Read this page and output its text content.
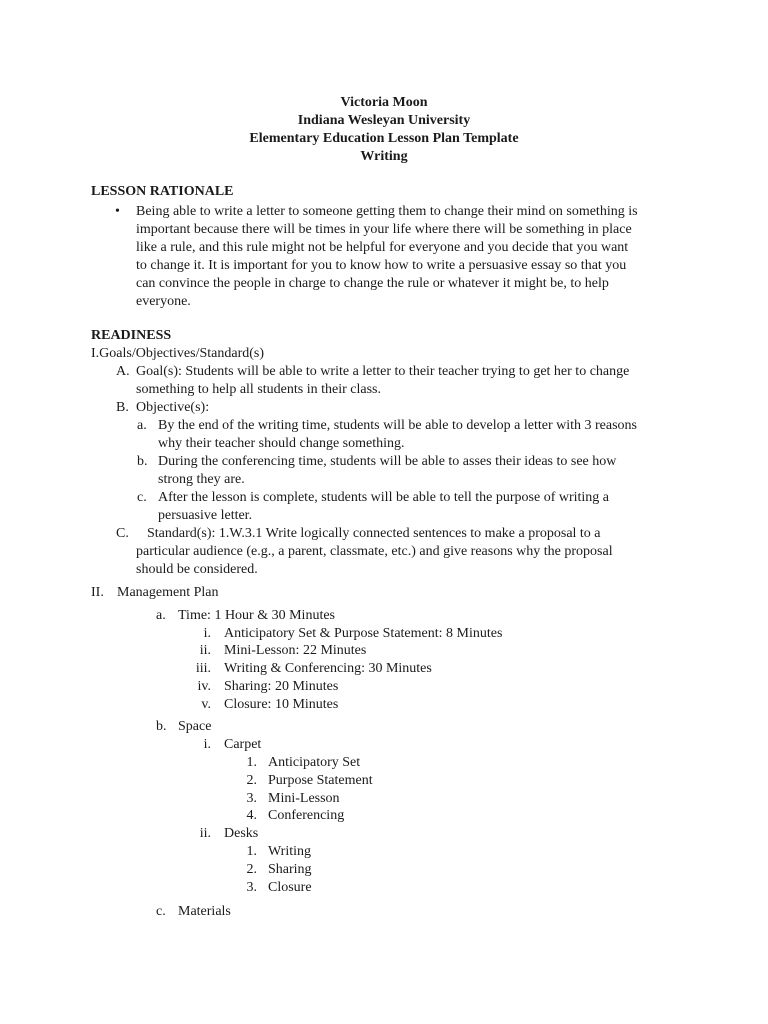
Victoria Moon
Indiana Wesleyan University
Elementary Education Lesson Plan Template
Writing
LESSON RATIONALE
• Being able to write a letter to someone getting them to change their mind on something is
important because there will be times in your life where there will be something in place
like a rule, and this rule might not be helpful for everyone and you decide that you want
to change it. It is important for you to know how to write a persuasive essay so that you
can convince the people in charge to change the rule or whatever it might be, to help
everyone.
READINESS
I.Goals/Objectives/Standard(s)
A. Goal(s): Students will be able to write a letter to their teacher trying to get her to change
something to help all students in their class.
B. Objective(s):
a. By the end of the writing time, students will be able to develop a letter with 3 reasons
why their teacher should change something.
b. During the conferencing time, students will be able to asses their ideas to see how
strong they are.
c. After the lesson is complete, students will be able to tell the purpose of writing a
persuasive letter.
C. Standard(s): 1.W.3.1 Write logically connected sentences to make a proposal to a
particular audience (e.g., a parent, classmate, etc.) and give reasons why the proposal
should be considered.
II. Management Plan
a. Time: 1 Hour & 30 Minutes
i. Anticipatory Set & Purpose Statement: 8 Minutes
ii. Mini-Lesson: 22 Minutes
iii. Writing & Conferencing: 30 Minutes
iv. Sharing: 20 Minutes
v. Closure: 10 Minutes
b. Space
i. Carpet
1. Anticipatory Set
2. Purpose Statement
3. Mini-Lesson
4. Conferencing
ii. Desks
1. Writing
2. Sharing
3. Closure
c. Materials
